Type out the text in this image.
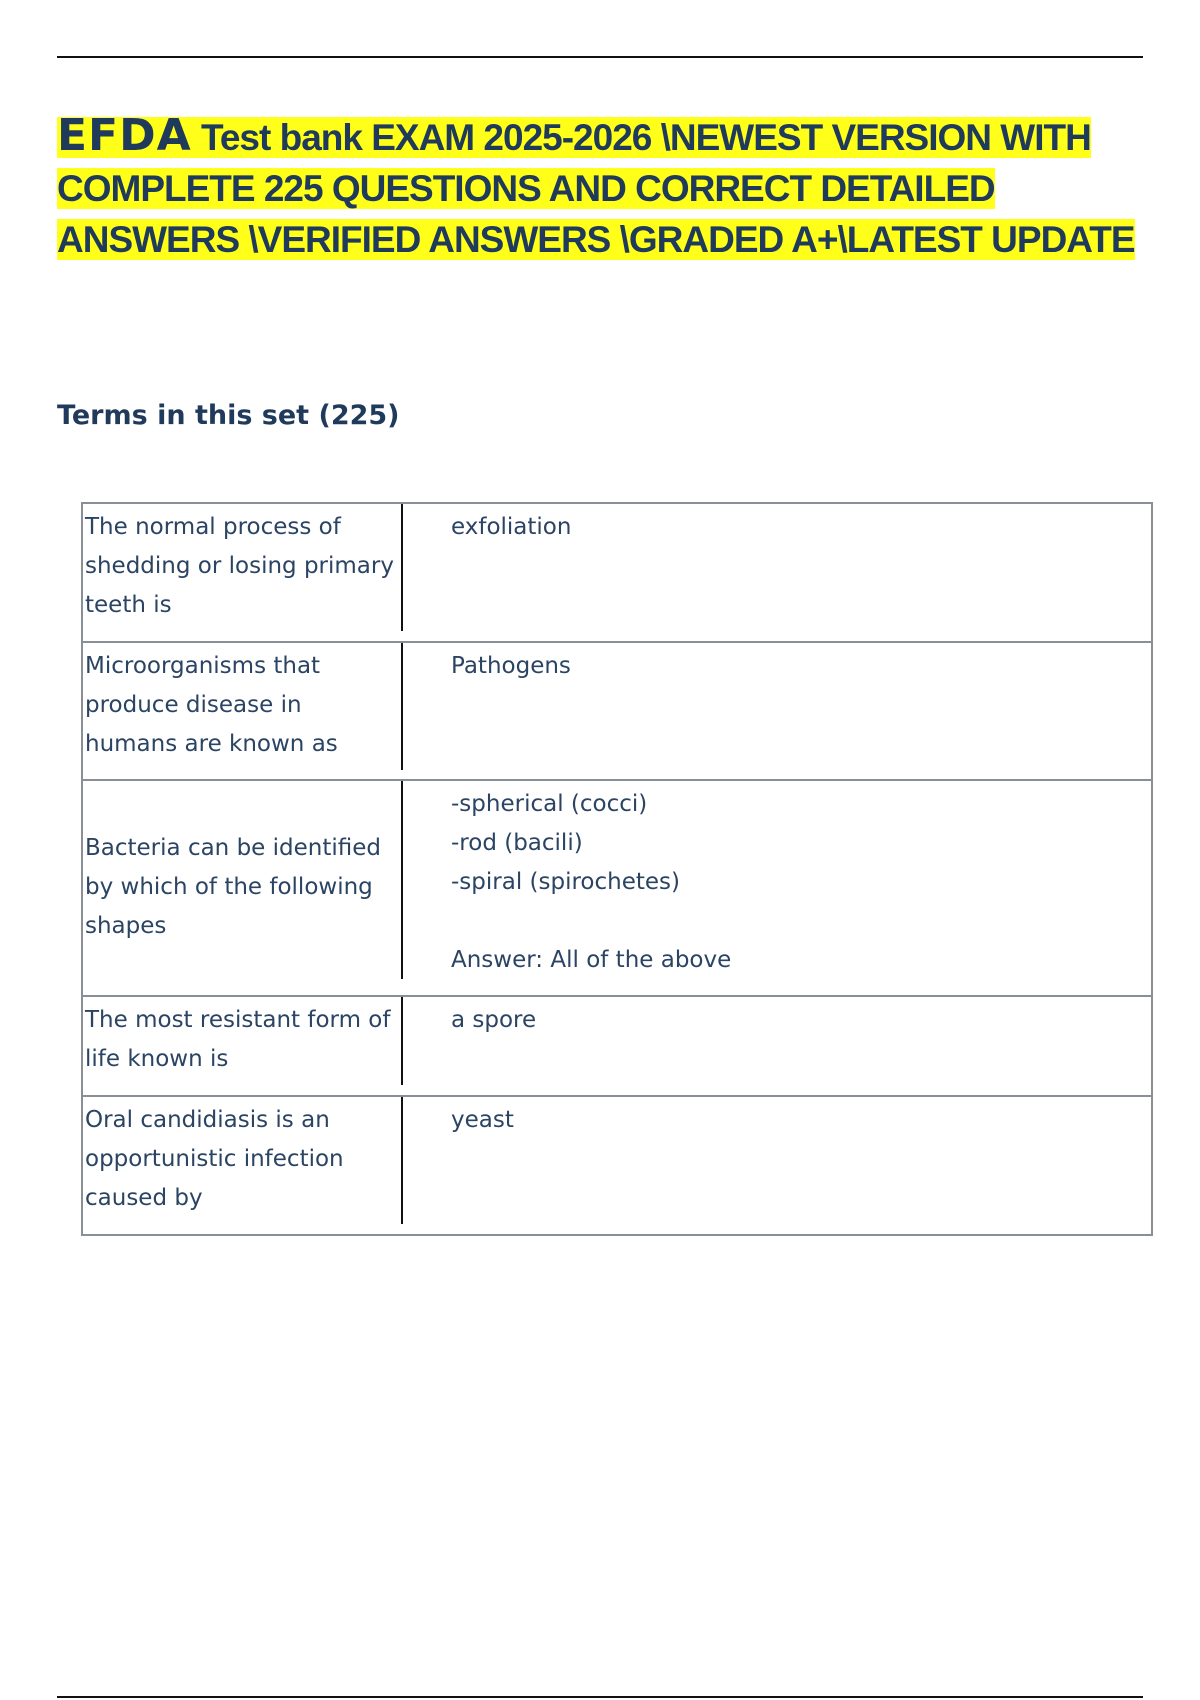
EFDA Test bank EXAM 2025-2026 \NEWEST VERSION WITH COMPLETE 225 QUESTIONS AND CORRECT DETAILED ANSWERS \VERIFIED ANSWERS \GRADED A+\LATEST UPDATE
Terms in this set (225)
The normal process of shedding or losing primary teeth is
exfoliation
Microorganisms that produce disease in humans are known as
Pathogens
Bacteria can be identified by which of the following shapes
-spherical (cocci)
-rod (bacili)
-spiral (spirochetes)

Answer: All of the above
The most resistant form of life known is
a spore
Oral candidiasis is an opportunistic infection caused by
yeast
